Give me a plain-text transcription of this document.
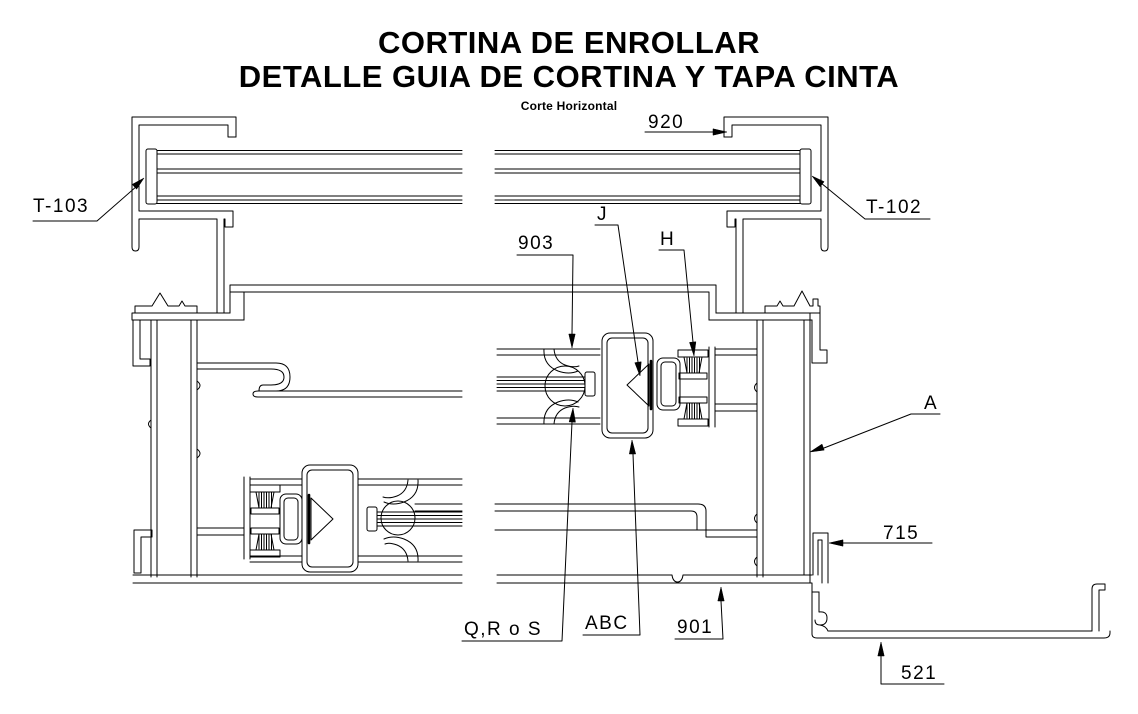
CORTINA DE ENROLLAR
DETALLE GUIA DE CORTINA Y TAPA CINTA
Corte Horizontal
T-103	T-102
920
903
J
H
A
715
901
ABC
Q,R o S
521
